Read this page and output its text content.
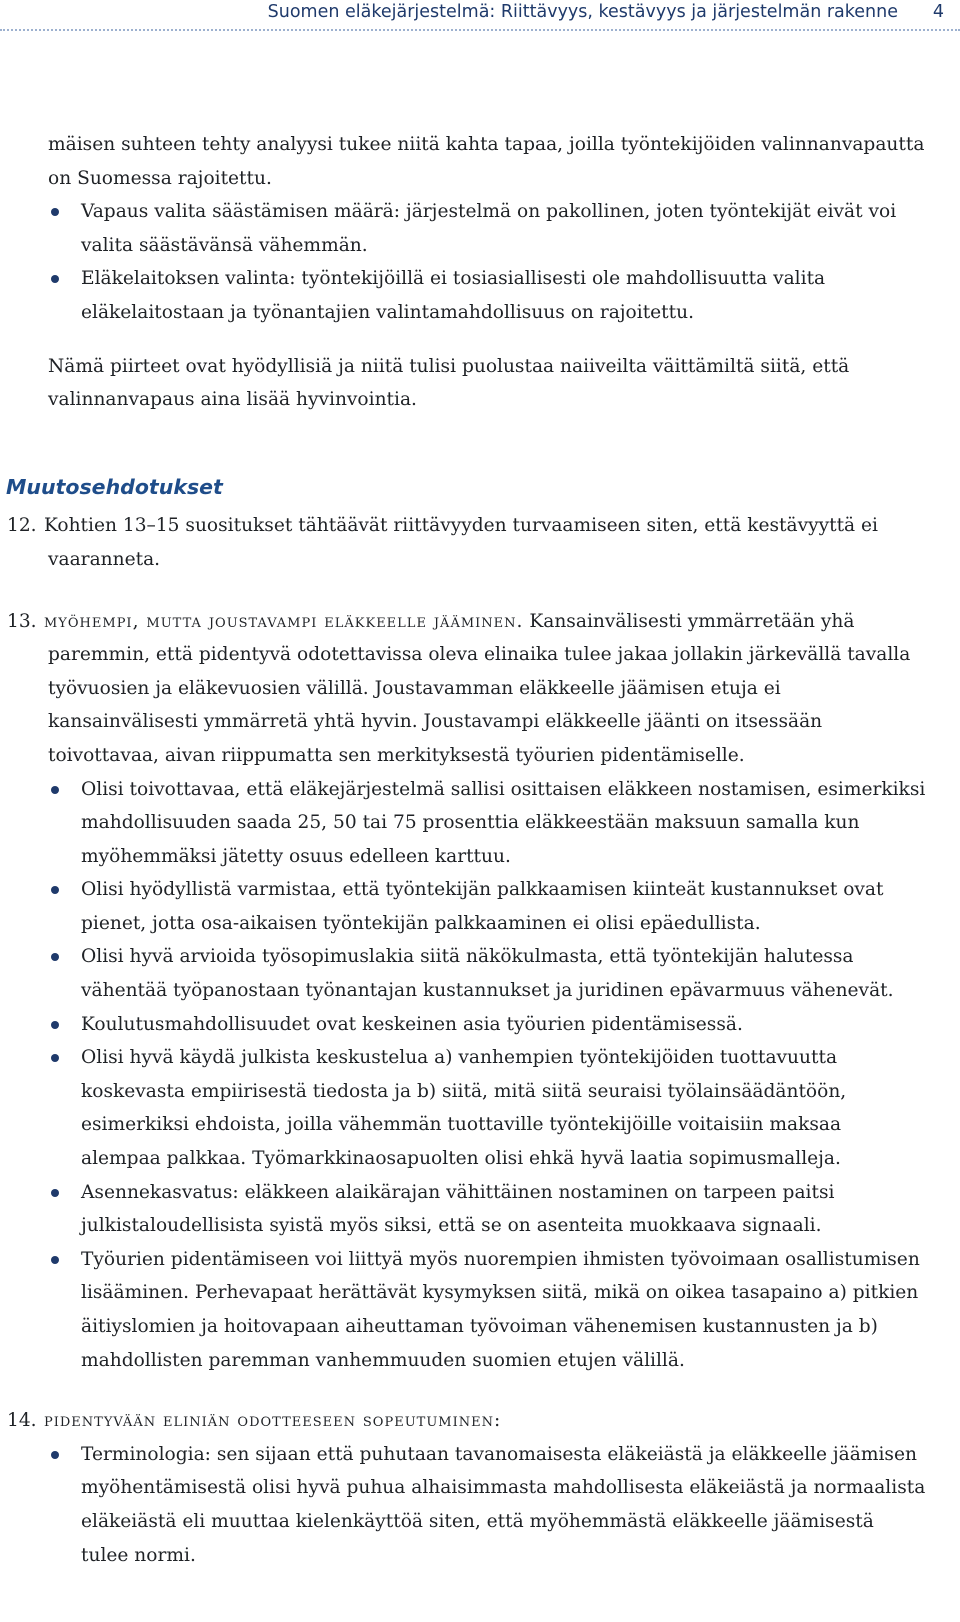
Suomen eläkejärjestelmä: Riittävyys, kestävyys ja järjestelmän rakenne 4

mäisen suhteen tehty analyysi tukee niitä kahta tapaa, joilla työntekijöiden valinnanvapautta on Suomessa rajoitettu.

Vapaus valita säästämisen määrä: järjestelmä on pakollinen, joten työntekijät eivät voi valita säästävänsä vähemmän.
Eläkelaitoksen valinta: työntekijöillä ei tosiasiallisesti ole mahdollisuutta valita eläkelaitostaan ja työnantajien valintamahdollisuus on rajoitettu.

Nämä piirteet ovat hyödyllisiä ja niitä tulisi puolustaa naiiveilta väittämiltä siitä, että valinnanvapaus aina lisää hyvinvointia.

Muutosehdotukset

12. Kohtien 13–15 suositukset tähtäävät riittävyyden turvaamiseen siten, että kestävyyttä ei vaaranneta.

13. myöhempi, mutta joustavampi eläkkeelle jääminen. Kansainvälisesti ymmärretään yhä paremmin, että pidentyvä odotettavissa oleva elinaika tulee jakaa jollakin järkevällä tavalla työvuosien ja eläkevuosien välillä. Joustavamman eläkkeelle jäämisen etuja ei kansainvälisesti ymmärretä yhtä hyvin. Joustavampi eläkkeelle jäänti on itsessään toivottavaa, aivan riippumatta sen merkityksestä työurien pidentämiselle.

Olisi toivottavaa, että eläkejärjestelmä sallisi osittaisen eläkkeen nostamisen, esimerkiksi mahdollisuuden saada 25, 50 tai 75 prosenttia eläkkeestään maksuun samalla kun myöhemmäksi jätetty osuus edelleen karttuu.
Olisi hyödyllistä varmistaa, että työntekijän palkkaamisen kiinteät kustannukset ovat pienet, jotta osa-aikaisen työntekijän palkkaaminen ei olisi epäedullista.
Olisi hyvä arvioida työsopimuslakia siitä näkökulmasta, että työntekijän halutessa vähentää työpanostaan työnantajan kustannukset ja juridinen epävarmuus vähenevät.
Koulutusmahdollisuudet ovat keskeinen asia työurien pidentämisessä.
Olisi hyvä käydä julkista keskustelua a) vanhempien työntekijöiden tuottavuutta koskevasta empiirisestä tiedosta ja b) siitä, mitä siitä seuraisi työlainsäädäntöön, esimerkiksi ehdoista, joilla vähemmän tuottaville työntekijöille voitaisiin maksaa alempaa palkkaa. Työmarkkinaosapuolten olisi ehkä hyvä laatia sopimusmalleja.
Asennekasvatus: eläkkeen alaikärajan vähittäinen nostaminen on tarpeen paitsi julkistaloudellisista syistä myös siksi, että se on asenteita muokkaava signaali.
Työurien pidentämiseen voi liittyä myös nuorempien ihmisten työvoimaan osallistumisen lisääminen. Perhevapaat herättävät kysymyksen siitä, mikä on oikea tasapaino a) pitkien äitiyslomien ja hoitovapaan aiheuttaman työvoiman vähenemisen kustannusten ja b) mahdollisten paremman vanhemmuuden suomien etujen välillä.

14. pidentyvään eliniän odotteeseen sopeutuminen:

Terminologia: sen sijaan että puhutaan tavanomaisesta eläkeiästä ja eläkkeelle jäämisen myöhentämisestä olisi hyvä puhua alhaisimmasta mahdollisesta eläkeiästä ja normaalista eläkeiästä eli muuttaa kielenkäyttöä siten, että myöhemmästä eläkkeelle jäämisestä tulee normi.
